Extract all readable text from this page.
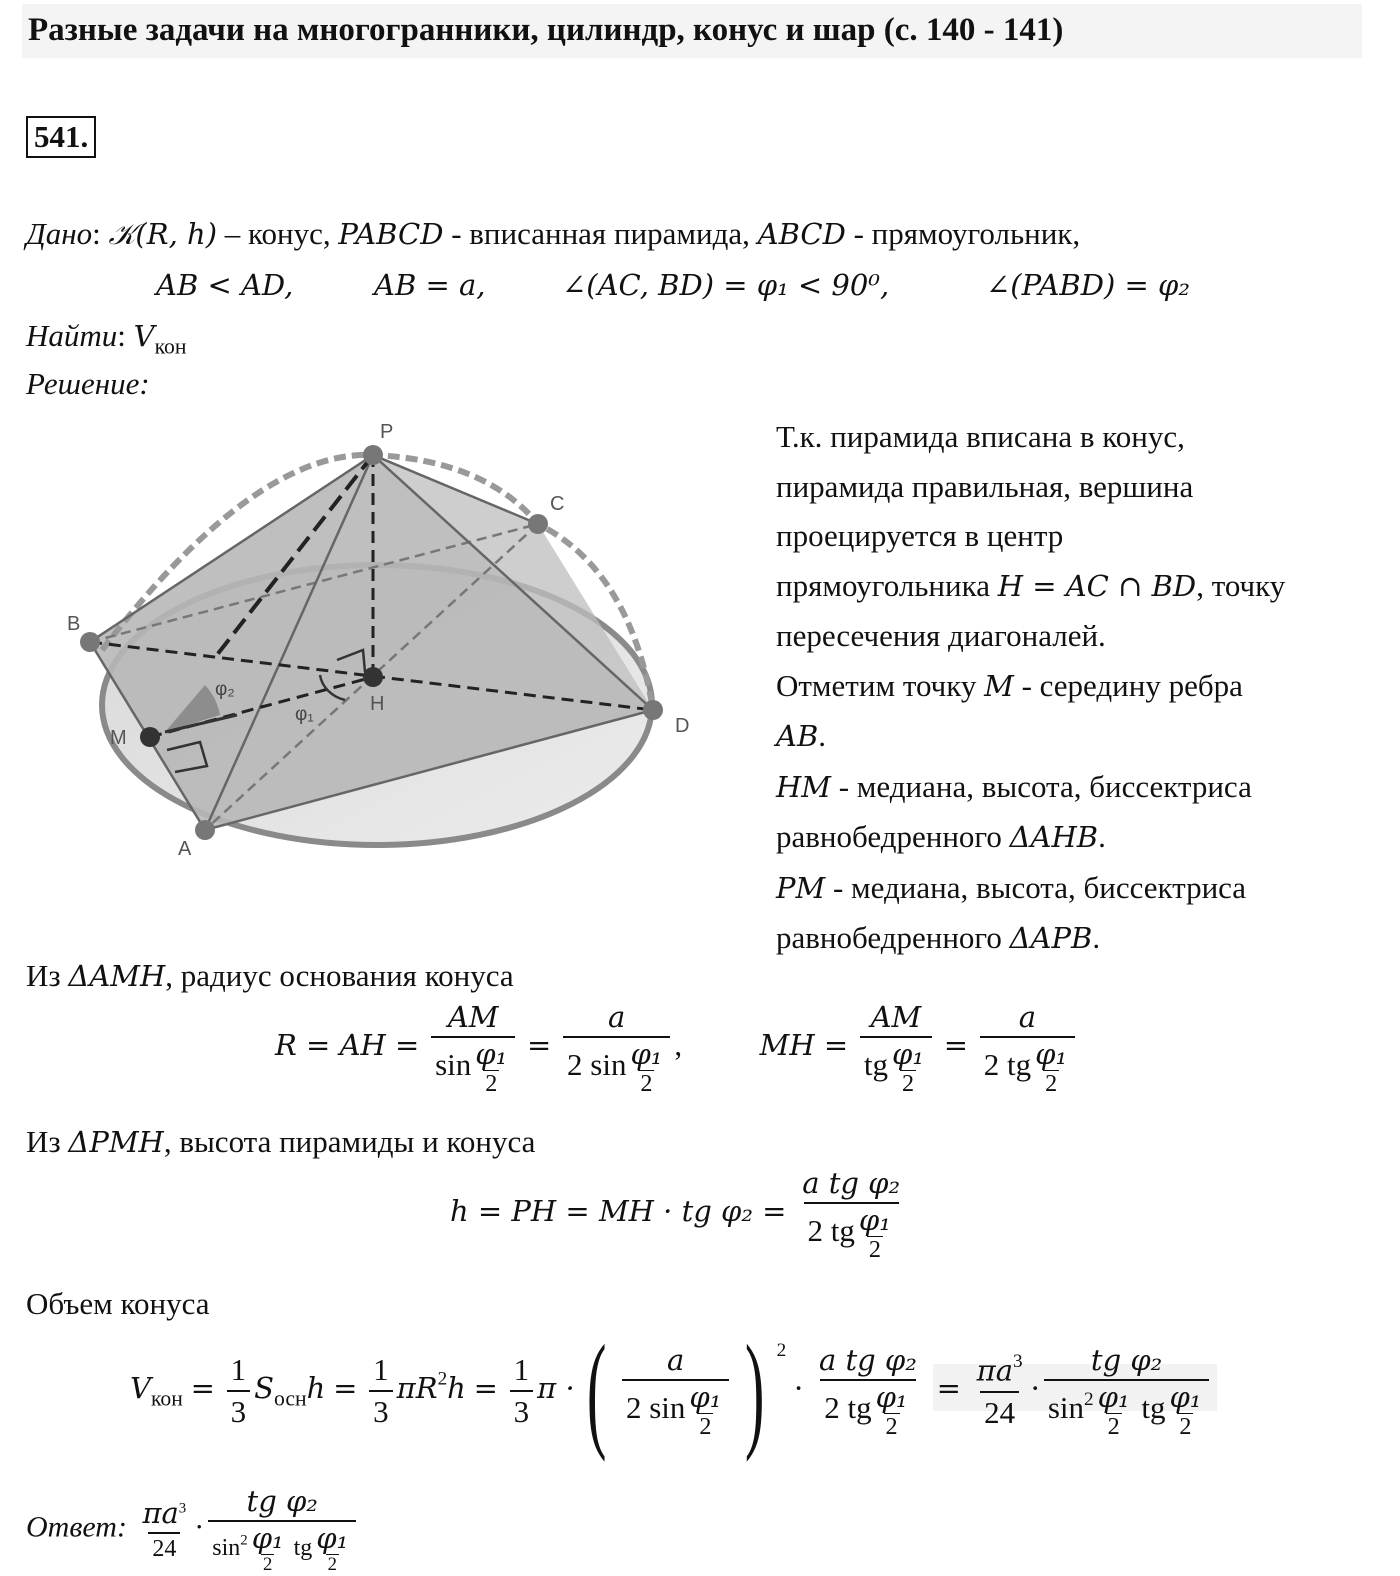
Разные задачи на многогранники, цилиндр, конус и шар (с. 140 - 141)
541.
Дано: 𝒦(R, h) – конус, PABCD - вписанная пирамида, ABCD - прямоугольник,
AB < AD,	AB = a,	∠(AC, BD) = φ₁ < 90⁰,	∠(PABD) = φ₂
Найти: $V_{кон}$
Решение:
P
C
B
M
H
D
A
φ₂
φ₁
Т.к. пирамида вписана в конус,
пирамида правильная, вершина
проецируется в центр
прямоугольника H = AC ∩ BD, точку
пересечения диагоналей.
Отметим точку M - середину ребра
AB.
HM - медиана, высота, биссектриса
равнобедренного ΔAHB.
PM - медиана, высота, биссектриса
равнобедренного ΔAPB.
Из ΔAMH, радиус основания конуса
R = AH = $\frac{AM}{\sin \frac{\text{φ₁}}{2}} = \frac{a}{2 \sin \frac{\text{φ₁}}{2}}$ ,	MH = $\frac{AM}{tg \frac{\text{φ₁}}{2}} = \frac{a}{2 tg \frac{\text{φ₁}}{2}}$
Из ΔPMH, высота пирамиды и конуса
h = PH = MH · tg $\varphi_2 = \frac{\text{a tg φ₂}}{2 tg \frac{\text{φ₁}}{2}}$
Объем конуса
$V_{кон} = \frac{1}{3} S_{осн}h = \frac{1}{3} \pi R^2h = \frac{1}{3}$ π ·( $\frac{a}{2 \sin \frac{\text{φ₁}}{2}}$ ) $^2 \cdot \frac{\text{a tg φ₂}}{2 tg \frac{\text{φ₁}}{2}} = \frac{\pi a^3}{24} \cdot \frac{\text{tg φ₂}}{\sin^2 \frac{\text{φ₁}}{2} tg \frac{\text{φ₁}}{2}}$
Ответ: $\frac{\pi a^3}{24} \cdot \frac{\text{tg φ₂}}{\sin^2 \frac{\text{φ₁}}{2} tg \frac{\text{φ₁}}{2}}$
